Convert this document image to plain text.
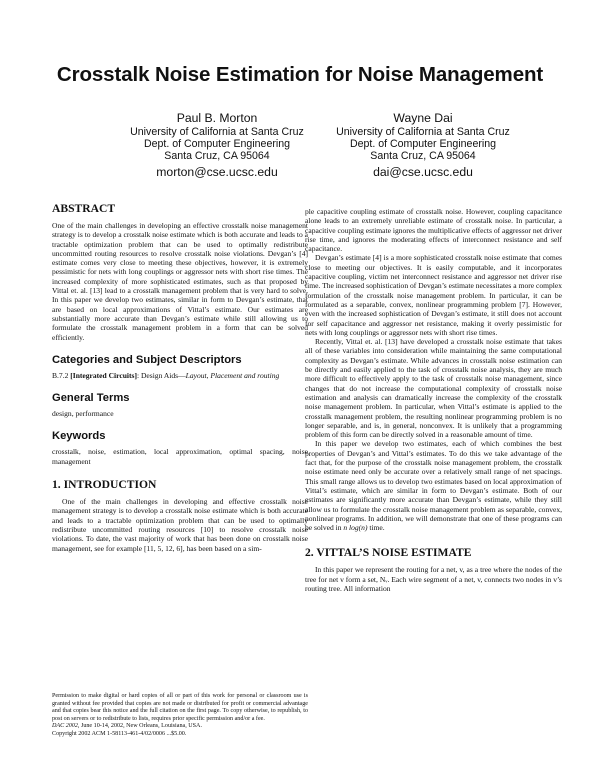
Crosstalk Noise Estimation for Noise Management
Paul B. Morton
University of California at Santa Cruz
Dept. of Computer Engineering
Santa Cruz, CA 95064
morton@cse.ucsc.edu
Wayne Dai
University of California at Santa Cruz
Dept. of Computer Engineering
Santa Cruz, CA 95064
dai@cse.ucsc.edu
ABSTRACT

One of the main challenges in developing an effective crosstalk noise management strategy is to develop a crosstalk noise estimate which is both accurate and leads to a tractable optimization problem that can be used to optimally redistribute uncommitted routing resources to resolve crosstalk noise violations. Devgan’s [4] estimate comes very close to meeting these objectives, however, it is extremely pessimistic for nets with long couplings or aggressor nets with short rise times. The increased complexity of more sophisticated estimates, such as that proposed by Vittal et. al. [13] lead to a crosstalk management problem that is very hard to solve. In this paper we develop two estimates, similar in form to Devgan’s estimate, that are based on local approximations of Vittal’s estimate. Our estimates are substantially more accurate than Devgan’s estimate while still allowing us to formulate the crosstalk management problem in a form that can be solved efficiently.

Categories and Subject Descriptors

B.7.2 [Integrated Circuits]: Design Aids—Layout, Placement and routing

General Terms

design, performance

Keywords

crosstalk, noise, estimation, local approximation, optimal spacing, noise management

1. INTRODUCTION

One of the main challenges in developing and effective crosstalk noise management strategy is to develop a crosstalk noise estimate which is both accurate and leads to a tractable optimization problem that can be used to optimally redistribute uncommitted routing resources [10] to resolve crosstalk noise violations. To date, the vast majority of work that has been done on crosstalk noise management, see for example [11, 5, 12, 6], has been based on a sim-

Permission to make digital or hard copies of all or part of this work for personal or classroom use is granted without fee provided that copies are not made or distributed for profit or commercial advantage and that copies bear this notice and the full citation on the first page. To copy otherwise, to republish, to post on servers or to redistribute to lists, requires prior specific permission and/or a fee.
DAC 2002, June 10-14, 2002, New Orleans, Louisiana, USA.
Copyright 2002 ACM 1-58113-461-4/02/0006 ...$5.00.

ple capacitive coupling estimate of crosstalk noise. However, coupling capacitance alone leads to an extremely unreliable estimate of crosstalk noise. In particular, a capacitive coupling estimate ignores the multiplicative effects of aggressor net driver rise time, and ignores the moderating effects of interconnect resistance and self capacitance.

Devgan’s estimate [4] is a more sophisticated crosstalk noise estimate that comes close to meeting our objectives. It is easily computable, and it incorporates capacitive coupling, victim net interconnect resistance and aggressor net driver rise time. The increased sophistication of Devgan’s estimate necessitates a more complex formulation of the crosstalk noise management problem. In particular, it can be formulated as a separable, convex, nonlinear programming problem [7]. However, even with the increased sophistication of Devgan’s estimate, it still does not account for self capacitance and aggressor net resistance, making it overly pessimistic for nets with long couplings or aggressor nets with short rise times.

Recently, Vittal et. al. [13] have developed a crosstalk noise estimate that takes all of these variables into consideration while maintaining the same computational complexity as Devgan’s estimate. While advances in crosstalk noise estimation can be directly and easily applied to the task of crosstalk noise analysis, they are much more difficult to effectively apply to the task of crosstalk noise management, since changes that do not increase the computational complexity of crosstalk noise estimation and analysis can dramatically increase the complexity of the crosstalk noise management problem. In particular, when Vittal’s estimate is applied to the crosstalk management problem, the resulting nonlinear programming problem is no longer separable, and is, in general, nonconvex. It is unlikely that a programming problem of this form can be directly solved in a reasonable amount of time.

In this paper we develop two estimates, each of which combines the best properties of Devgan’s and Vittal’s estimates. To do this we take advantage of the fact that, for the purpose of the crosstalk noise management problem, the crosstalk noise estimate need only be accurate over a relatively small range of net spacings. This small range allows us to develop two estimates based on local approximation of Vittal’s estimate, which are similar in form to Devgan’s estimate. Both of our estimates are significantly more accurate than Devgan’s estimate, while they still allow us to formulate the crosstalk noise management problem as separable, convex, nonlinear programs. In addition, we will demonstrate that one of these programs can be solved in n log(n) time.

2. VITTAL’S NOISE ESTIMATE

In this paper we represent the routing for a net, v, as a tree where the nodes of the tree for net v form a set, Nᵥ. Each wire segment of a net, v, connects two nodes in v’s routing tree. All information
